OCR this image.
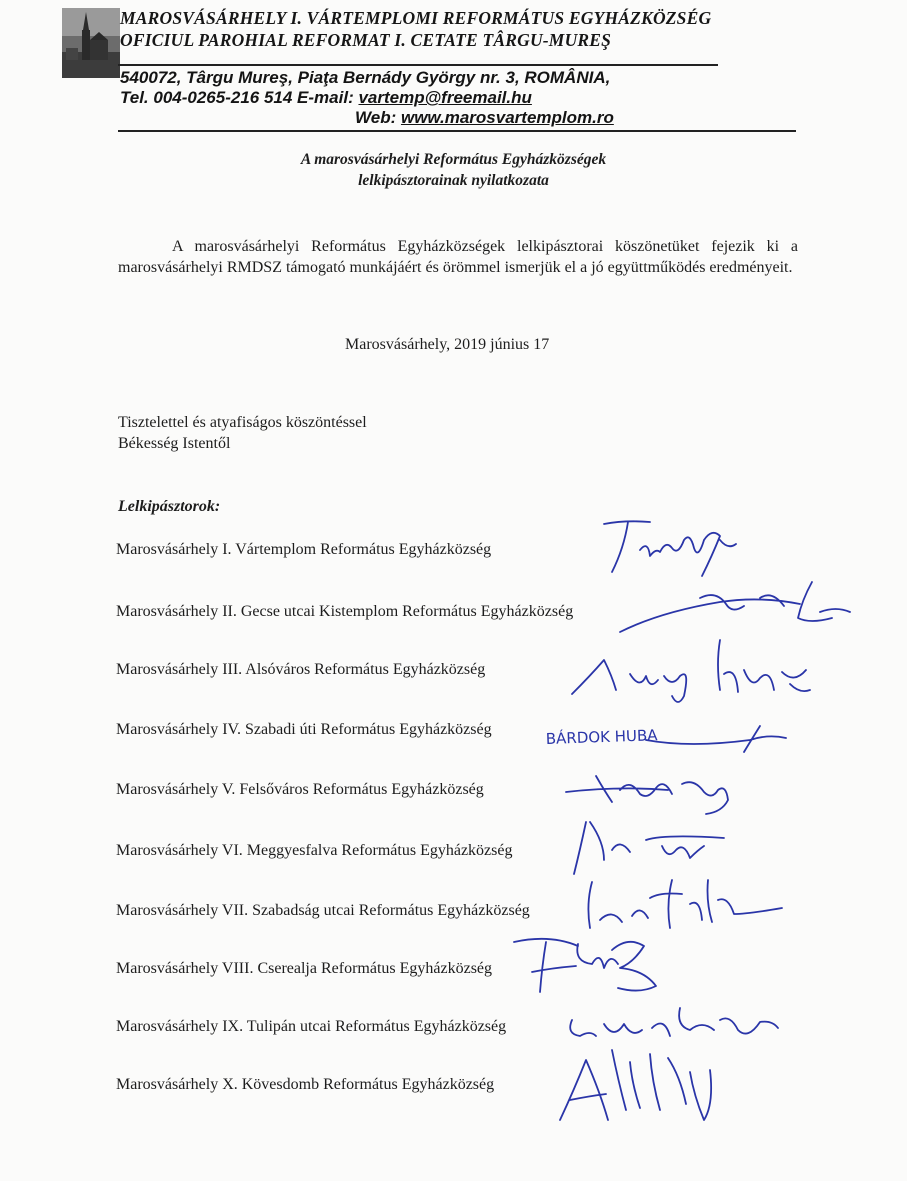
MAROSVÁSÁRHELY I. VÁRTEMPLOMI REFORMÁTUS EGYHÁZKÖZSÉG
OFICIUL PAROHIAL REFORMAT I. CETATE TÂRGU-MUREŞ
540072, Târgu Mureş, Piaţa Bernády György nr. 3, ROMÂNIA,
Tel. 004-0265-216 514 E-mail: vartemp@freemail.hu
Web: www.marosvartemplom.ro
A marosvásárhelyi Református Egyházközségek
lelkipásztorainak nyilatkozata
A marosvásárhelyi Református Egyházközségek lelkipásztorai köszönetüket fejezik ki a marosvásárhelyi RMDSZ támogató munkájáért és örömmel ismerjük el a jó együttműködés eredményeit.
Marosvásárhely, 2019 június 17
Tisztelettel és atyafiságos köszöntéssel
Békesség Istentől
Lelkipásztorok:
Marosvásárhely I. Vártemplom Református Egyházközség
Marosvásárhely II. Gecse utcai Kistemplom Református Egyházközség
Marosvásárhely III. Alsóváros Református Egyházközség
Marosvásárhely IV. Szabadi úti Református Egyházközség
Marosvásárhely V. Felsőváros Református Egyházközség
Marosvásárhely VI. Meggyesfalva Református Egyházközség
Marosvásárhely VII. Szabadság utcai Református Egyházközség
Marosvásárhely VIII. Cserealja Református Egyházközség
Marosvásárhely IX. Tulipán utcai Református Egyházközség
Marosvásárhely X. Kövesdomb Református Egyházközség
BÁRDOK HUBA
